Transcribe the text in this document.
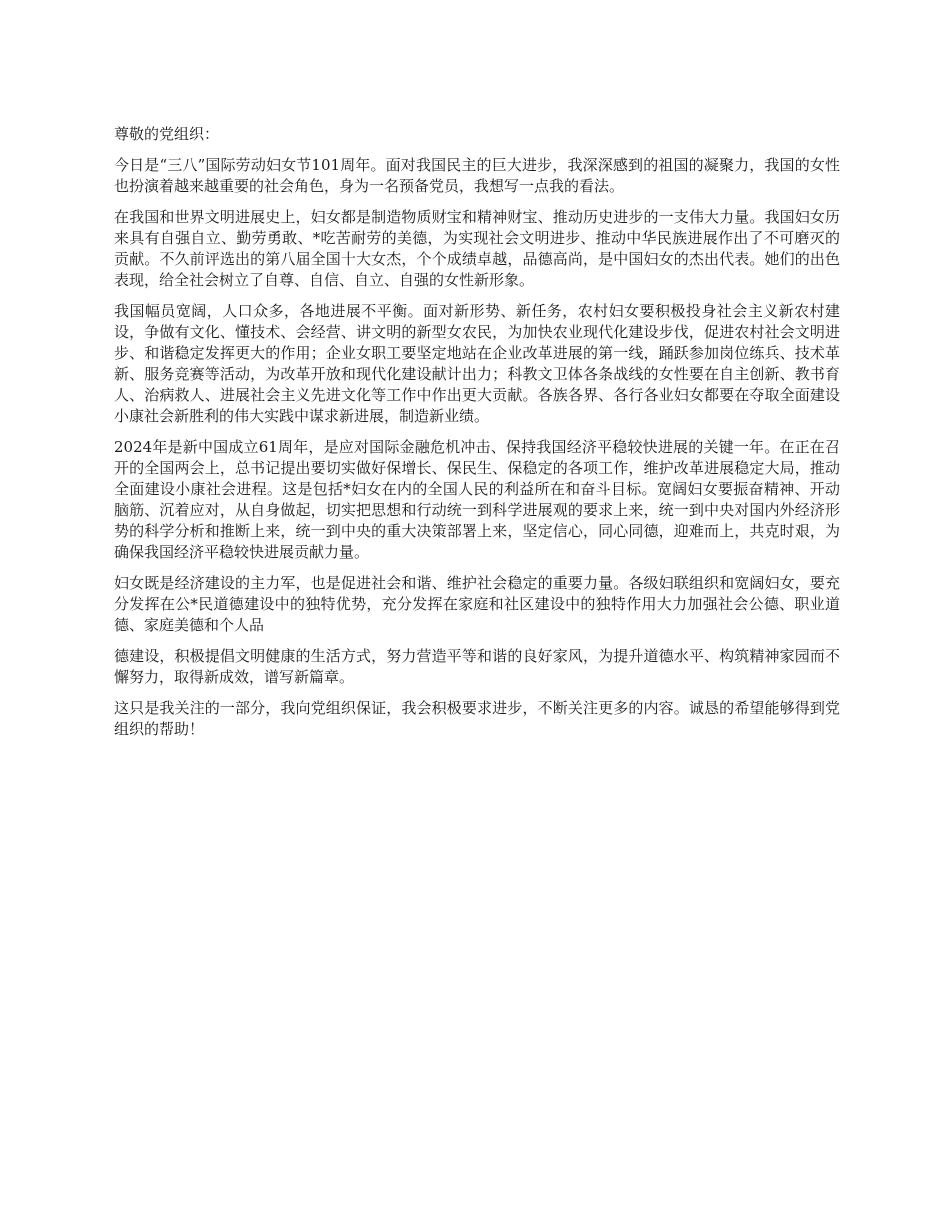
尊敬的党组织：

今日是“三八”国际劳动妇女节101周年。面对我国民主的巨大进步，我深深感到的祖国的凝聚力，我国的女性也扮演着越来越重要的社会角色，身为一名预备党员，我想写一点我的看法。

在我国和世界文明进展史上，妇女都是制造物质财宝和精神财宝、推动历史进步的一支伟大力量。我国妇女历来具有自强自立、勤劳勇敢、*吃苦耐劳的美德，为实现社会文明进步、推动中华民族进展作出了不可磨灭的贡献。不久前评选出的第八届全国十大女杰，个个成绩卓越，品德高尚，是中国妇女的杰出代表。她们的出色表现，给全社会树立了自尊、自信、自立、自强的女性新形象。

我国幅员宽阔，人口众多，各地进展不平衡。面对新形势、新任务，农村妇女要积极投身社会主义新农村建设，争做有文化、懂技术、会经营、讲文明的新型女农民，为加快农业现代化建设步伐，促进农村社会文明进步、和谐稳定发挥更大的作用；企业女职工要坚定地站在企业改革进展的第一线，踊跃参加岗位练兵、技术革新、服务竞赛等活动，为改革开放和现代化建设献计出力；科教文卫体各条战线的女性要在自主创新、教书育人、治病救人、进展社会主义先进文化等工作中作出更大贡献。各族各界、各行各业妇女都要在夺取全面建设小康社会新胜利的伟大实践中谋求新进展，制造新业绩。

2024年是新中国成立61周年，是应对国际金融危机冲击、保持我国经济平稳较快进展的关键一年。在正在召开的全国两会上，总书记提出要切实做好保增长、保民生、保稳定的各项工作，维护改革进展稳定大局，推动全面建设小康社会进程。这是包括*妇女在内的全国人民的利益所在和奋斗目标。宽阔妇女要振奋精神、开动脑筋、沉着应对，从自身做起，切实把思想和行动统一到科学进展观的要求上来，统一到中央对国内外经济形势的科学分析和推断上来，统一到中央的重大决策部署上来，坚定信心，同心同德，迎难而上，共克时艰，为确保我国经济平稳较快进展贡献力量。

妇女既是经济建设的主力军，也是促进社会和谐、维护社会稳定的重要力量。各级妇联组织和宽阔妇女，要充分发挥在公*民道德建设中的独特优势，充分发挥在家庭和社区建设中的独特作用大力加强社会公德、职业道德、家庭美德和个人品

德建设，积极提倡文明健康的生活方式，努力营造平等和谐的良好家风，为提升道德水平、构筑精神家园而不懈努力，取得新成效，谱写新篇章。

这只是我关注的一部分，我向党组织保证，我会积极要求进步，不断关注更多的内容。诚恳的希望能够得到党组织的帮助！
